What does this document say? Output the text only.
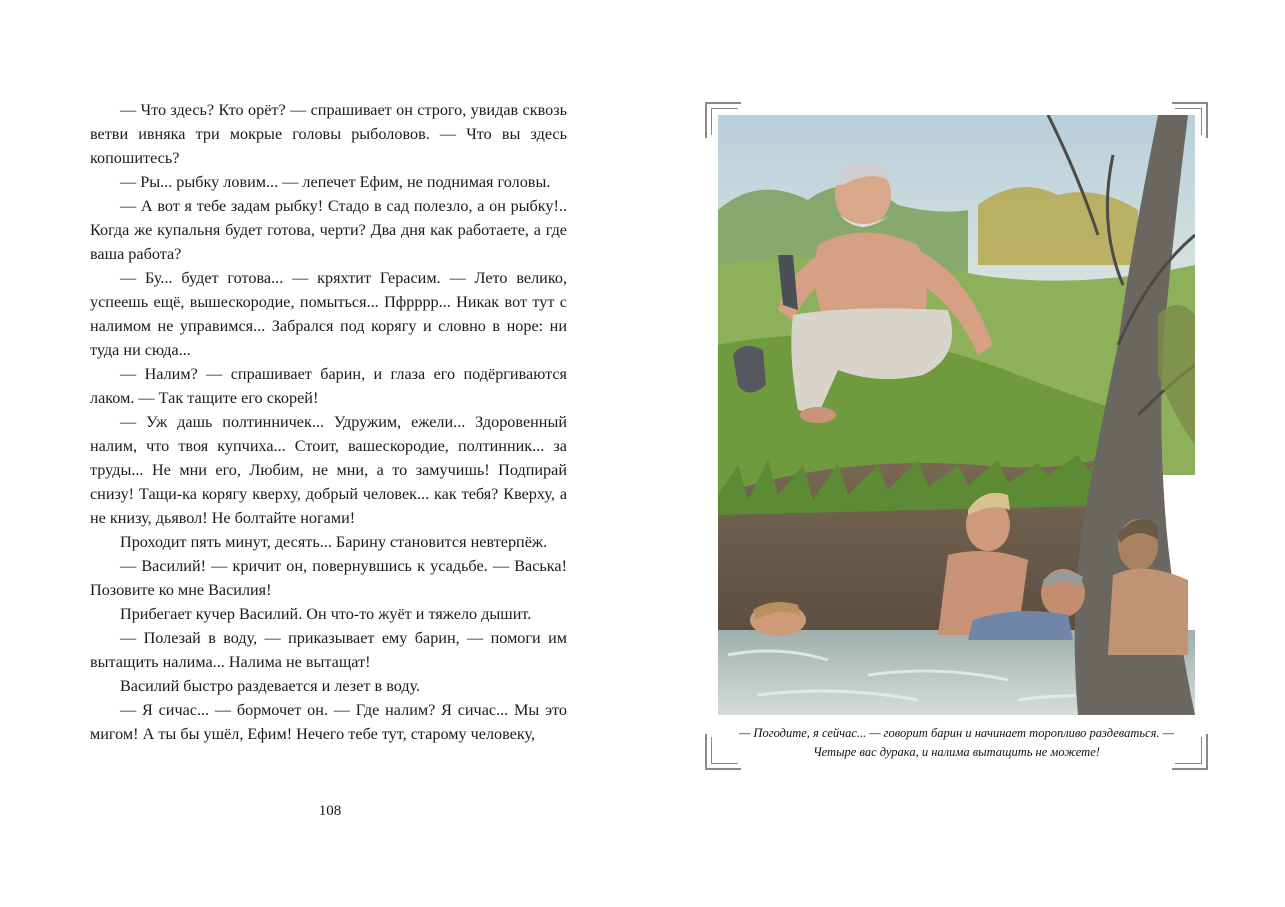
— Что здесь? Кто орёт? — спрашивает он строго, увидав сквозь ветви ивняка три мокрые головы рыболовов. — Что вы здесь копошитесь?

— Ры... рыбку ловим... — лепечет Ефим, не поднимая головы.

— А вот я тебе задам рыбку! Стадо в сад полезло, а он рыбку!.. Когда же купальня будет готова, черти? Два дня как работаете, а где ваша работа?

— Бу... будет готова... — кряхтит Герасим. — Лето велико, успеешь ещё, вышескородие, помыться... Пфрррр... Никак вот тут с налимом не управимся... Забрался под корягу и словно в норе: ни туда ни сюда...

— Налим? — спрашивает барин, и глаза его подёргиваются лаком. — Так тащите его скорей!

— Уж дашь полтинничек... Удружим, ежели... Здоровенный налим, что твоя купчиха... Стоит, вашескородие, полтинник... за труды... Не мни его, Любим, не мни, а то замучишь! Подпирай снизу! Тащи-ка корягу кверху, добрый человек... как тебя? Кверху, а не книзу, дьявол! Не болтайте ногами!

Проходит пять минут, десять... Барину становится невтерпёж.

— Василий! — кричит он, повернувшись к усадьбе. — Васька! Позовите ко мне Василия!

Прибегает кучер Василий. Он что-то жуёт и тяжело дышит.

— Полезай в воду, — приказывает ему барин, — помоги им вытащить налима... Налима не вытащат!

Василий быстро раздевается и лезет в воду.

— Я сичас... — бормочет он. — Где налим? Я сичас... Мы это мигом! А ты бы ушёл, Ефим! Нечего тебе тут, старому человеку,

108
— Погодите, я сейчас... — говорит барин и начинает торопливо раздеваться. —
Четыре вас дурака, и налима вытащить не можете!
